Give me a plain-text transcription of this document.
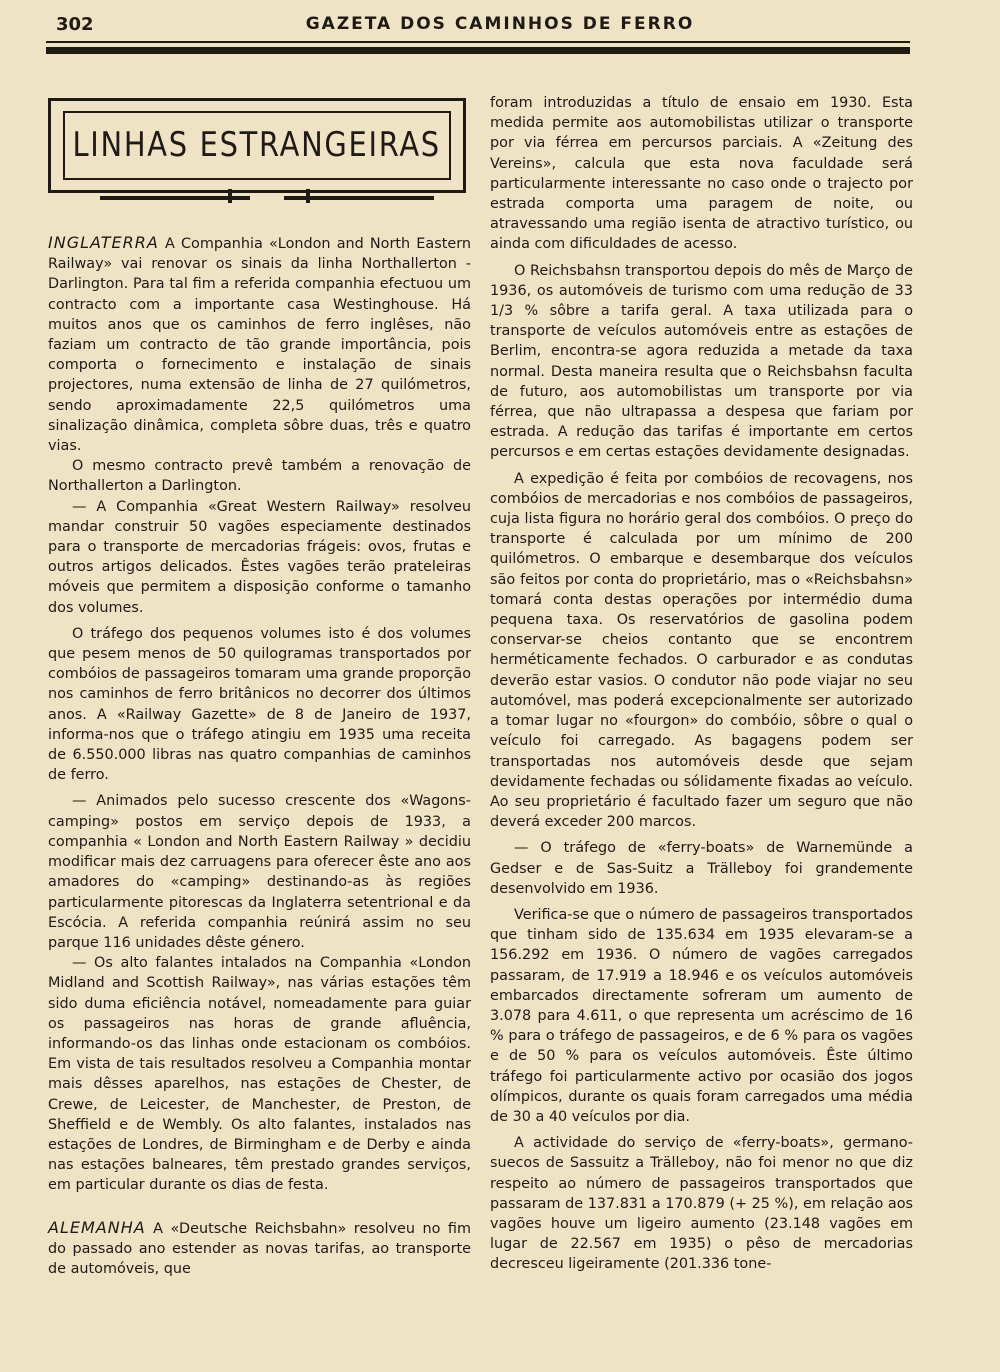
302	GAZETA DOS CAMINHOS DE FERRO
LINHAS ESTRANGEIRAS

INGLATERRA A Companhia «London and North Eastern Railway» vai renovar os sinais da linha Northallerton - Darlington. Para tal fim a referida companhia efectuou um contracto com a importante casa Westinghouse. Há muitos anos que os caminhos de ferro inglêses, não faziam um contracto de tão grande importância, pois comporta o fornecimento e instalação de sinais projectores, numa extensão de linha de 27 quilómetros, sendo aproximadamente 22,5 quilómetros uma sinalização dinâmica, completa sôbre duas, três e quatro vias.

O mesmo contracto prevê também a renovação de Northallerton a Darlington.

— A Companhia «Great Western Railway» resolveu mandar construir 50 vagões especiamente destinados para o transporte de mercadorias frágeis: ovos, frutas e outros artigos delicados. Êstes vagões terão prateleiras móveis que permitem a disposição conforme o tamanho dos volumes.

O tráfego dos pequenos volumes isto é dos volumes que pesem menos de 50 quilogramas transportados por combóios de passageiros tomaram uma grande proporção nos caminhos de ferro britânicos no decorrer dos últimos anos. A «Railway Gazette» de 8 de Janeiro de 1937, informa-nos que o tráfego atingiu em 1935 uma receita de 6.550.000 libras nas quatro companhias de caminhos de ferro.

— Animados pelo sucesso crescente dos «Wagons-camping» postos em serviço depois de 1933, a companhia « London and North Eastern Railway » decidiu modificar mais dez carruagens para oferecer êste ano aos amadores do «camping» destinando-as às regiões particularmente pitorescas da Inglaterra setentrional e da Escócia. A referida companhia reúnirá assim no seu parque 116 unidades dêste género.

— Os alto falantes intalados na Companhia «London Midland and Scottish Railway», nas várias estações têm sido duma eficiência notável, nomeadamente para guiar os passageiros nas horas de grande afluência, informando-os das linhas onde estacionam os combóios. Em vista de tais resultados resolveu a Companhia montar mais dêsses aparelhos, nas estações de Chester, de Crewe, de Leicester, de Manchester, de Preston, de Sheffield e de Wembly. Os alto falantes, instalados nas estações de Londres, de Birmingham e de Derby e ainda nas estações balneares, têm prestado grandes serviços, em particular durante os dias de festa.

ALEMANHA A «Deutsche Reichsbahn» resolveu no fim do passado ano estender as novas tarifas, ao transporte de automóveis, que

foram introduzidas a título de ensaio em 1930. Esta medida permite aos automobilistas utilizar o transporte por via férrea em percursos parciais. A «Zeitung des Vereins», calcula que esta nova faculdade será particularmente interessante no caso onde o trajecto por estrada comporta uma paragem de noite, ou atravessando uma região isenta de atractivo turístico, ou ainda com dificuldades de acesso.

O Reichsbahsn transportou depois do mês de Março de 1936, os automóveis de turismo com uma redução de 33 1/3 % sôbre a tarifa geral. A taxa utilizada para o transporte de veículos automóveis entre as estações de Berlim, encontra-se agora reduzida a metade da taxa normal. Desta maneira resulta que o Reichsbahsn faculta de futuro, aos automobilistas um transporte por via férrea, que não ultrapassa a despesa que fariam por estrada. A redução das tarifas é importante em certos percursos e em certas estações devidamente designadas.

A expedição é feita por combóios de recovagens, nos combóios de mercadorias e nos combóios de passageiros, cuja lista figura no horário geral dos combóios. O preço do transporte é calculada por um mínimo de 200 quilómetros. O embarque e desembarque dos veículos são feitos por conta do proprietário, mas o «Reichsbahsn» tomará conta destas operações por intermédio duma pequena taxa. Os reservatórios de gasolina podem conservar-se cheios contanto que se encontrem herméticamente fechados. O carburador e as condutas deverão estar vasios. O condutor não pode viajar no seu automóvel, mas poderá excepcionalmente ser autorizado a tomar lugar no «fourgon» do combóio, sôbre o qual o veículo foi carregado. As bagagens podem ser transportadas nos automóveis desde que sejam devidamente fechadas ou sólidamente fixadas ao veículo. Ao seu proprietário é facultado fazer um seguro que não deverá exceder 200 marcos.

— O tráfego de «ferry-boats» de Warnemünde a Gedser e de Sas-Suitz a Trälleboy foi grandemente desenvolvido em 1936.

Verifica-se que o número de passageiros transportados que tinham sido de 135.634 em 1935 elevaram-se a 156.292 em 1936. O número de vagões carregados passaram, de 17.919 a 18.946 e os veículos automóveis embarcados directamente sofreram um aumento de 3.078 para 4.611, o que representa um acréscimo de 16 % para o tráfego de passageiros, e de 6 % para os vagões e de 50 % para os veículos automóveis. Êste último tráfego foi particularmente activo por ocasião dos jogos olímpicos, durante os quais foram carregados uma média de 30 a 40 veículos por dia.

A actividade do serviço de «ferry-boats», germano-suecos de Sassuitz a Trälleboy, não foi menor no que diz respeito ao número de passageiros transportados que passaram de 137.831 a 170.879 (+ 25 %), em relação aos vagões houve um ligeiro aumento (23.148 vagões em lugar de 22.567 em 1935) o pêso de mercadorias decresceu ligeiramente (201.336 tone-
